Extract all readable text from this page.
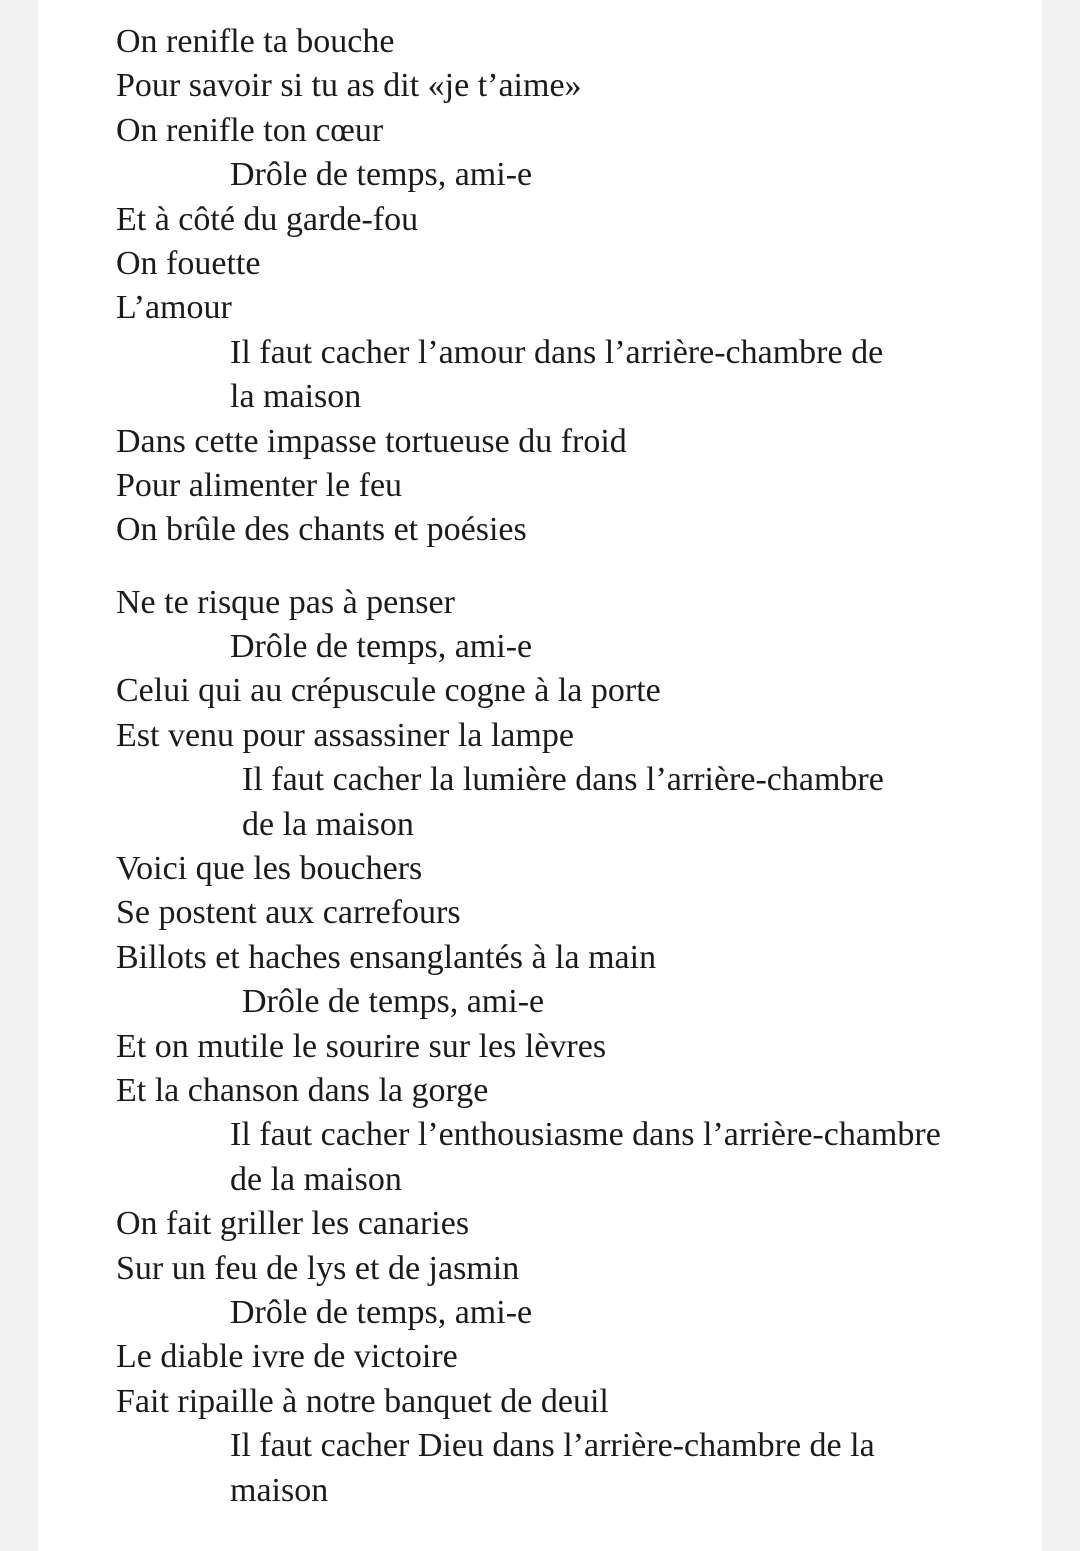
On renifle ta bouche
Pour savoir si tu as dit «je t’aime»
On renifle ton cœur
Drôle de temps, ami-e
Et à côté du garde-fou
On fouette
L’amour
Il faut cacher l’amour dans l’arrière-chambre de
la maison
Dans cette impasse tortueuse du froid
Pour alimenter le feu
On brûle des chants et poésies
Ne te risque pas à penser
Drôle de temps, ami-e
Celui qui au crépuscule cogne à la porte
Est venu pour assassiner la lampe
Il faut cacher la lumière dans l’arrière-chambre
de la maison
Voici que les bouchers
Se postent aux carrefours
Billots et haches ensanglantés à la main
Drôle de temps, ami-e
Et on mutile le sourire sur les lèvres
Et la chanson dans la gorge
Il faut cacher l’enthousiasme dans l’arrière-chambre
de la maison
On fait griller les canaries
Sur un feu de lys et de jasmin
Drôle de temps, ami-e
Le diable ivre de victoire
Fait ripaille à notre banquet de deuil
Il faut cacher Dieu dans l’arrière-chambre de la
maison
